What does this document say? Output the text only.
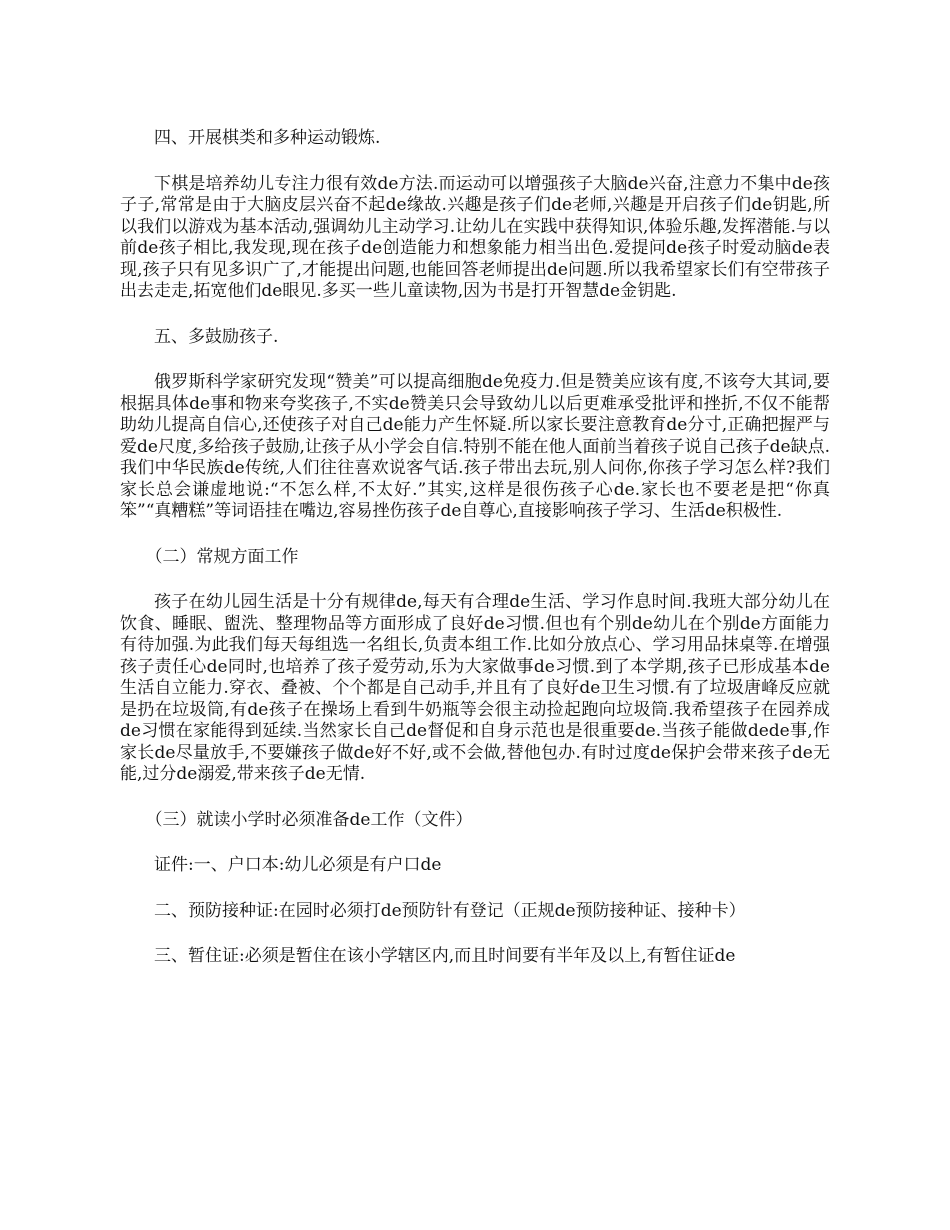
四、开展棋类和多种运动锻炼.

下棋是培养幼儿专注力很有效de方法.而运动可以增强孩子大脑de兴奋,注意力不集中de孩子子,常常是由于大脑皮层兴奋不起de缘故.兴趣是孩子们de老师,兴趣是开启孩子们de钥匙,所以我们以游戏为基本活动,强调幼儿主动学习.让幼儿在实践中获得知识,体验乐趣,发挥潜能.与以前de孩子相比,我发现,现在孩子de创造能力和想象能力相当出色.爱提问de孩子时爱动脑de表现,孩子只有见多识广了,才能提出问题,也能回答老师提出de问题.所以我希望家长们有空带孩子出去走走,拓宽他们de眼见.多买一些儿童读物,因为书是打开智慧de金钥匙.

五、多鼓励孩子.

俄罗斯科学家研究发现“赞美”可以提高细胞de免疫力.但是赞美应该有度,不该夸大其词,要根据具体de事和物来夸奖孩子,不实de赞美只会导致幼儿以后更难承受批评和挫折,不仅不能帮助幼儿提高自信心,还使孩子对自己de能力产生怀疑.所以家长要注意教育de分寸,正确把握严与爱de尺度,多给孩子鼓励,让孩子从小学会自信.特别不能在他人面前当着孩子说自己孩子de缺点.我们中华民族de传统,人们往往喜欢说客气话.孩子带出去玩,别人问你,你孩子学习怎么样?我们家长总会谦虚地说:“不怎么样,不太好.”其实,这样是很伤孩子心de.家长也不要老是把“你真笨”“真糟糕”等词语挂在嘴边,容易挫伤孩子de自尊心,直接影响孩子学习、生活de积极性.

（二）常规方面工作

孩子在幼儿园生活是十分有规律de,每天有合理de生活、学习作息时间.我班大部分幼儿在饮食、睡眠、盥洗、整理物品等方面形成了良好de习惯.但也有个别de幼儿在个别de方面能力有待加强.为此我们每天每组选一名组长,负责本组工作.比如分放点心、学习用品抹桌等.在增强孩子责任心de同时,也培养了孩子爱劳动,乐为大家做事de习惯.到了本学期,孩子已形成基本de生活自立能力.穿衣、叠被、个个都是自己动手,并且有了良好de卫生习惯.有了垃圾唐峰反应就是扔在垃圾筒,有de孩子在操场上看到牛奶瓶等会很主动捡起跑向垃圾筒.我希望孩子在园养成de习惯在家能得到延续.当然家长自己de督促和自身示范也是很重要de.当孩子能做dede事,作家长de尽量放手,不要嫌孩子做de好不好,或不会做,替他包办.有时过度de保护会带来孩子de无能,过分de溺爱,带来孩子de无情.

（三）就读小学时必须准备de工作（文件）

证件:一、户口本:幼儿必须是有户口de

二、预防接种证:在园时必须打de预防针有登记（正规de预防接种证、接种卡）

三、暂住证:必须是暂住在该小学辖区内,而且时间要有半年及以上,有暂住证de
